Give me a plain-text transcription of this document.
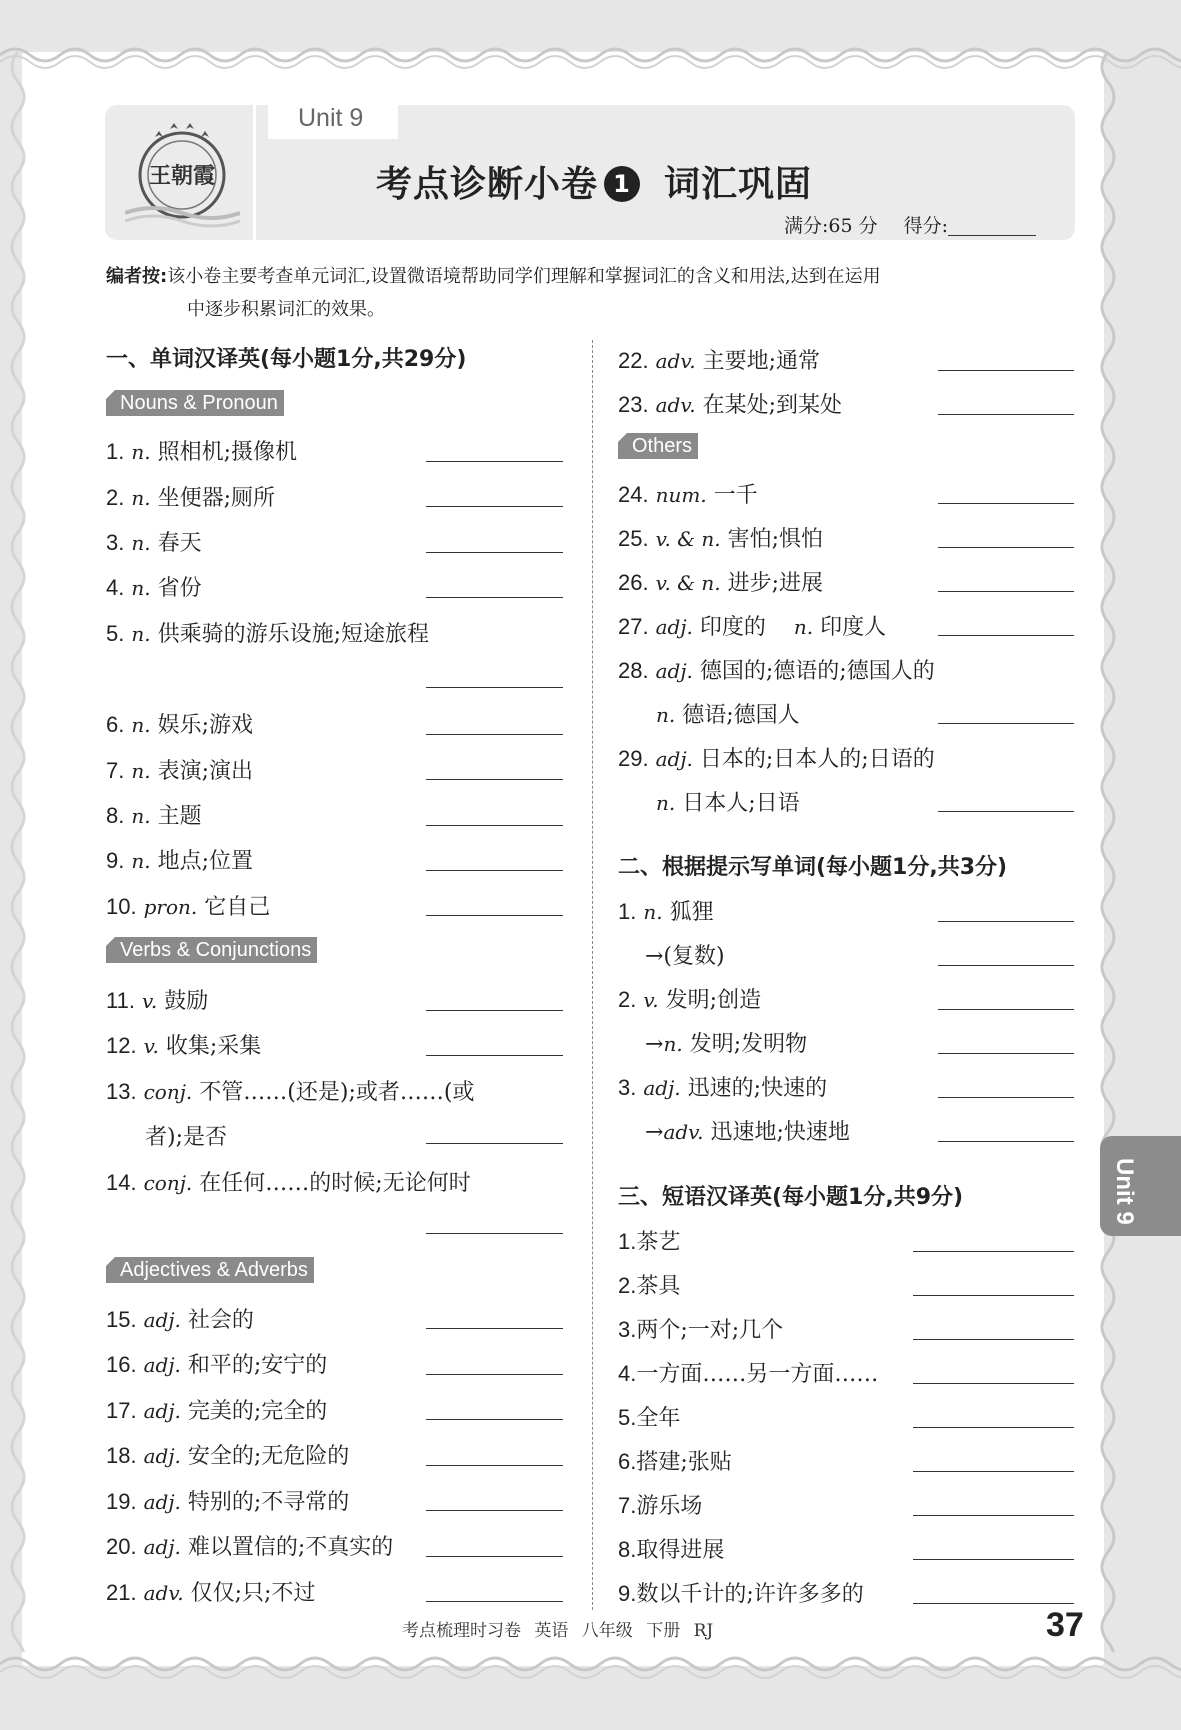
Unit 9
王朝霞	考点诊断小卷 1 词汇巩固
满分:65 分 得分:
编者按:该小卷主要考查单元词汇,设置微语境帮助同学们理解和掌握词汇的含义和用法,达到在运用
中逐步积累词汇的效果。
一、单词汉译英(每小题1分,共29分)
Nouns & Pronoun
1. n. 照相机;摄像机
2. n. 坐便器;厕所
3. n. 春天
4. n. 省份
5. n. 供乘骑的游乐设施;短途旅程
6. n. 娱乐;游戏
7. n. 表演;演出
8. n. 主题
9. n. 地点;位置
10. pron. 它自己
11. v. 鼓励
12. v. 收集;采集
13. conj. 不管……(还是);或者……(或
14. conj. 在任何……的时候;无论何时
15. adj. 社会的
16. adj. 和平的;安宁的
17. adj. 完美的;完全的
18. adj. 安全的;无危险的
19. adj. 特别的;不寻常的
20. adj. 难以置信的;不真实的
21. adv. 仅仅;只;不过
者);是否
Verbs & Conjunctions
Adjectives & Adverbs
Others
二、根据提示写单词(每小题1分,共3分)
三、短语汉译英(每小题1分,共9分)
22. adv. 主要地;通常
23. adv. 在某处;到某处
24. num. 一千
25. v. & n. 害怕;惧怕
26. v. & n. 进步;进展
27. adj. 印度的 n. 印度人
28. adj. 德国的;德语的;德国人的
n. 德语;德国人
29. adj. 日本的;日本人的;日语的
n. 日本人;日语
1. n. 狐狸
→(复数)
2. v. 发明;创造
→n. 发明;发明物
3. adj. 迅速的;快速的
→adv. 迅速地;快速地
1.茶艺
2.茶具
3.两个;一对;几个
4.一方面……另一方面……
5.全年
6.搭建;张贴
7.游乐场
8.取得进展
9.数以千计的;许许多多的
Unit 9
考点梳理时习卷 英语 八年级 下册 RJ	37
